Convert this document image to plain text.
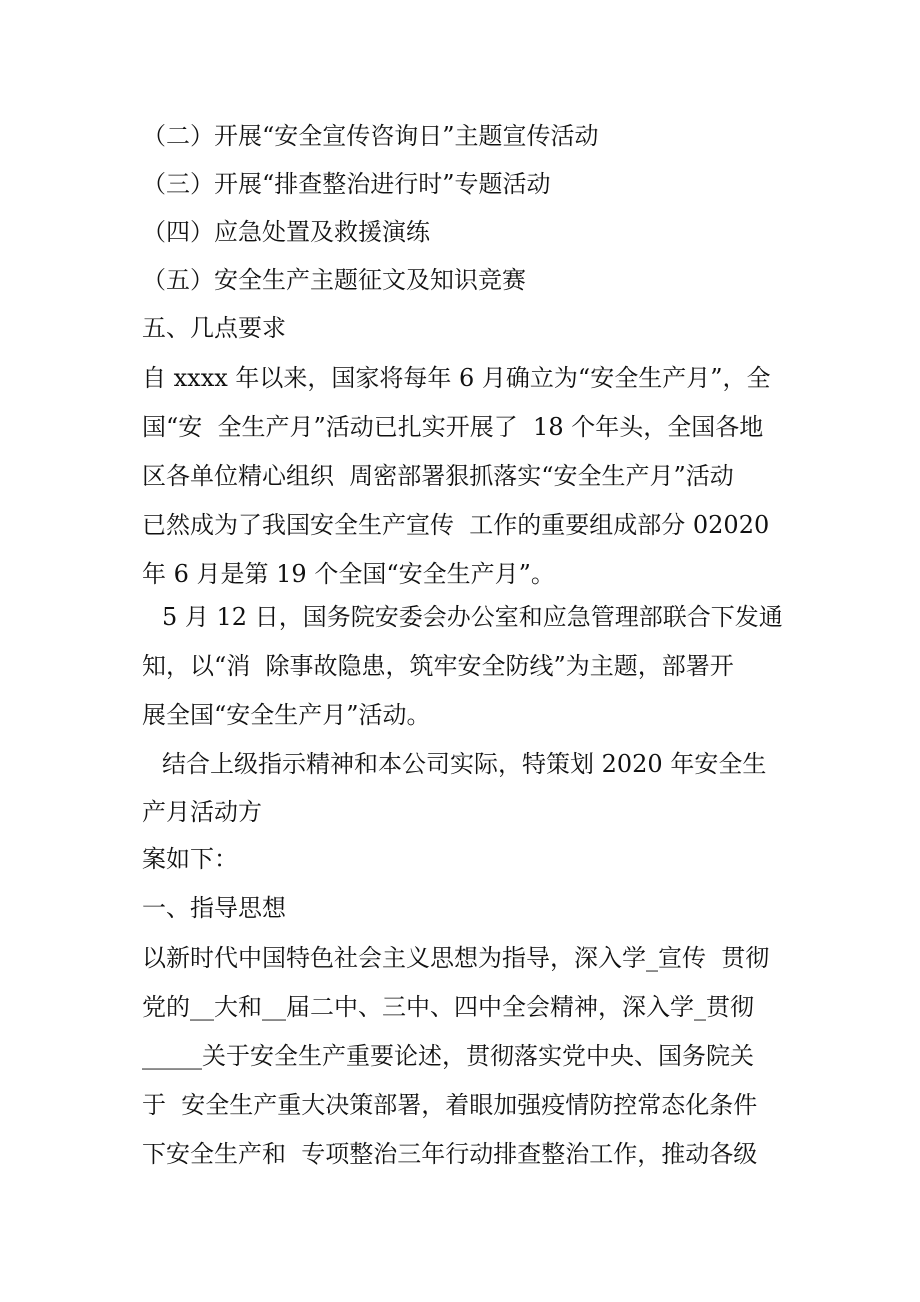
（二）开展“安全宣传咨询日”主题宣传活动

（三）开展“排查整治进行时”专题活动

（四）应急处置及救援演练

（五）安全生产主题征文及知识竞赛

五、几点要求

自 xxxx 年以来，国家将每年 6 月确立为“安全生产月”，全

国“安  全生产月”活动已扎实开展了  18 个年头，全国各地

区各单位精心组织  周密部署狠抓落实“安全生产月”活动

已然成为了我国安全生产宣传  工作的重要组成部分 02020

年 6 月是第 19 个全国“安全生产月”。

5 月 12 日，国务院安委会办公室和应急管理部联合下发通

知，以“消  除事故隐患，筑牢安全防线”为主题，部署开

展全国“安全生产月”活动。

结合上级指示精神和本公司实际，特策划 2020 年安全生

产月活动方

案如下：

一、指导思想

以新时代中国特色社会主义思想为指导，深入学_宣传  贯彻

党的__大和__届二中、三中、四中全会精神，深入学_贯彻

_____关于安全生产重要论述，贯彻落实党中央、国务院关

于  安全生产重大决策部署，着眼加强疫情防控常态化条件

下安全生产和  专项整治三年行动排查整治工作，推动各级
